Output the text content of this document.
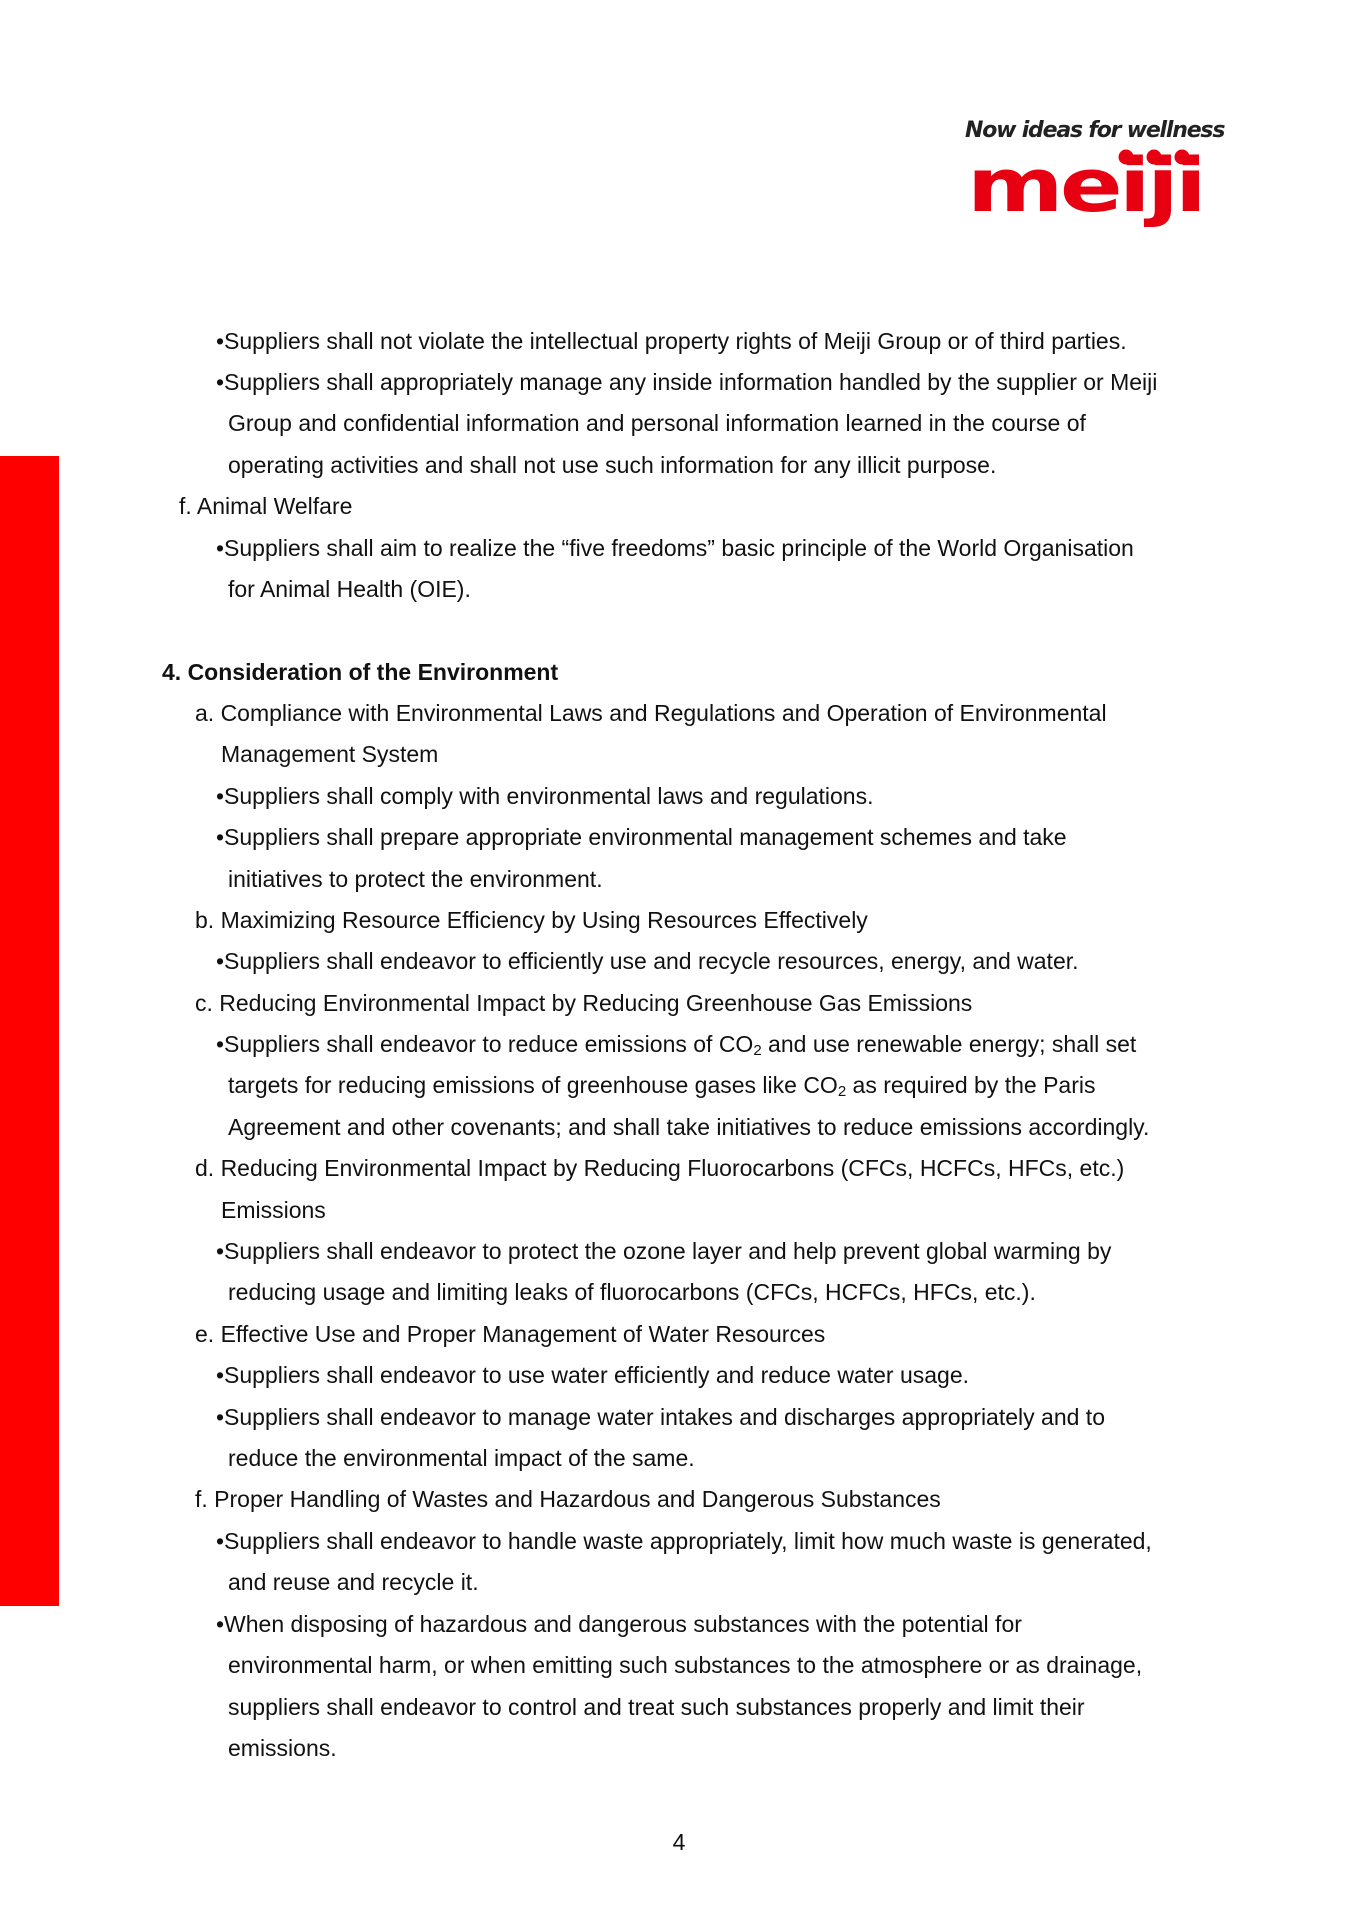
Now ideas for wellness
meiji
•Suppliers shall not violate the intellectual property rights of Meiji Group or of third parties.
•Suppliers shall appropriately manage any inside information handled by the supplier or Meiji
Group and confidential information and personal information learned in the course of
operating activities and shall not use such information for any illicit purpose.
f. Animal Welfare
•Suppliers shall aim to realize the “five freedoms” basic principle of the World Organisation
for Animal Health (OIE).
4. Consideration of the Environment
a. Compliance with Environmental Laws and Regulations and Operation of Environmental
Management System
•Suppliers shall comply with environmental laws and regulations.
•Suppliers shall prepare appropriate environmental management schemes and take
initiatives to protect the environment.
b. Maximizing Resource Efficiency by Using Resources Effectively
•Suppliers shall endeavor to efficiently use and recycle resources, energy, and water.
c. Reducing Environmental Impact by Reducing Greenhouse Gas Emissions
•Suppliers shall endeavor to reduce emissions of $CO_2$ and use renewable energy; shall set
targets for reducing emissions of greenhouse gases like $CO_2$ as required by the Paris
Agreement and other covenants; and shall take initiatives to reduce emissions accordingly.
d. Reducing Environmental Impact by Reducing Fluorocarbons (CFCs, HCFCs, HFCs, etc.)
Emissions
•Suppliers shall endeavor to protect the ozone layer and help prevent global warming by
reducing usage and limiting leaks of fluorocarbons (CFCs, HCFCs, HFCs, etc.).
e. Effective Use and Proper Management of Water Resources
•Suppliers shall endeavor to use water efficiently and reduce water usage.
•Suppliers shall endeavor to manage water intakes and discharges appropriately and to
reduce the environmental impact of the same.
f. Proper Handling of Wastes and Hazardous and Dangerous Substances
•Suppliers shall endeavor to handle waste appropriately, limit how much waste is generated,
and reuse and recycle it.
•When disposing of hazardous and dangerous substances with the potential for
environmental harm, or when emitting such substances to the atmosphere or as drainage,
suppliers shall endeavor to control and treat such substances properly and limit their
emissions.
4
